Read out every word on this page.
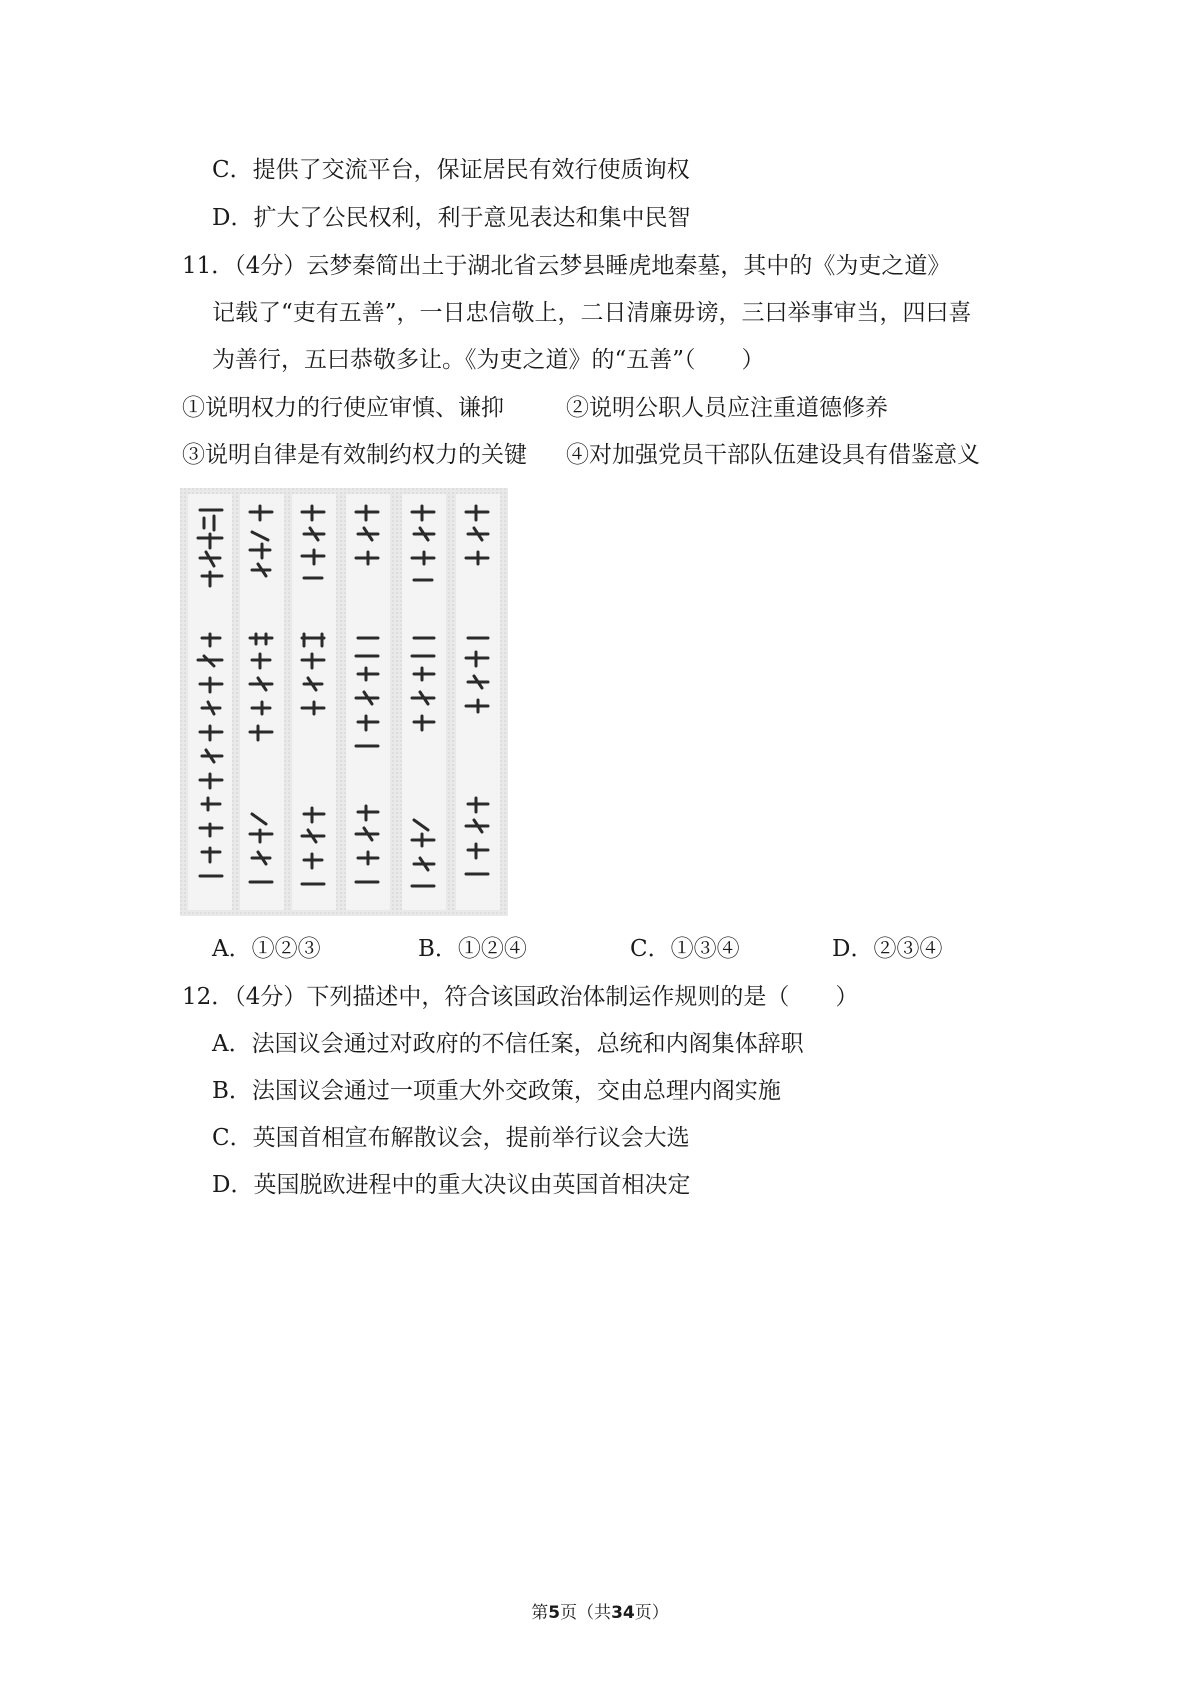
C．提供了交流平台，保证居民有效行使质询权
D．扩大了公民权利，利于意见表达和集中民智
11．（4分）云梦秦简出土于湖北省云梦县睡虎地秦墓，其中的《为吏之道》
记载了“吏有五善”，一日忠信敬上，二日清廉毋谤，三曰举事审当，四曰喜
为善行，五曰恭敬多让。《为吏之道》的“五善”（　　）
①说明权力的行使应审慎、谦抑	②说明公职人员应注重道德修养
③说明自律是有效制约权力的关键 ④对加强党员干部队伍建设具有借鉴意义
A．①②③	B．①②④	C．①③④	D．②③④
12．（4分）下列描述中，符合该国政治体制运作规则的是（　　）
A．法国议会通过对政府的不信任案，总统和内阁集体辞职
B．法国议会通过一项重大外交政策，交由总理内阁实施
C．英国首相宣布解散议会，提前举行议会大选
D．英国脱欧进程中的重大决议由英国首相决定
第5页（共34页）
